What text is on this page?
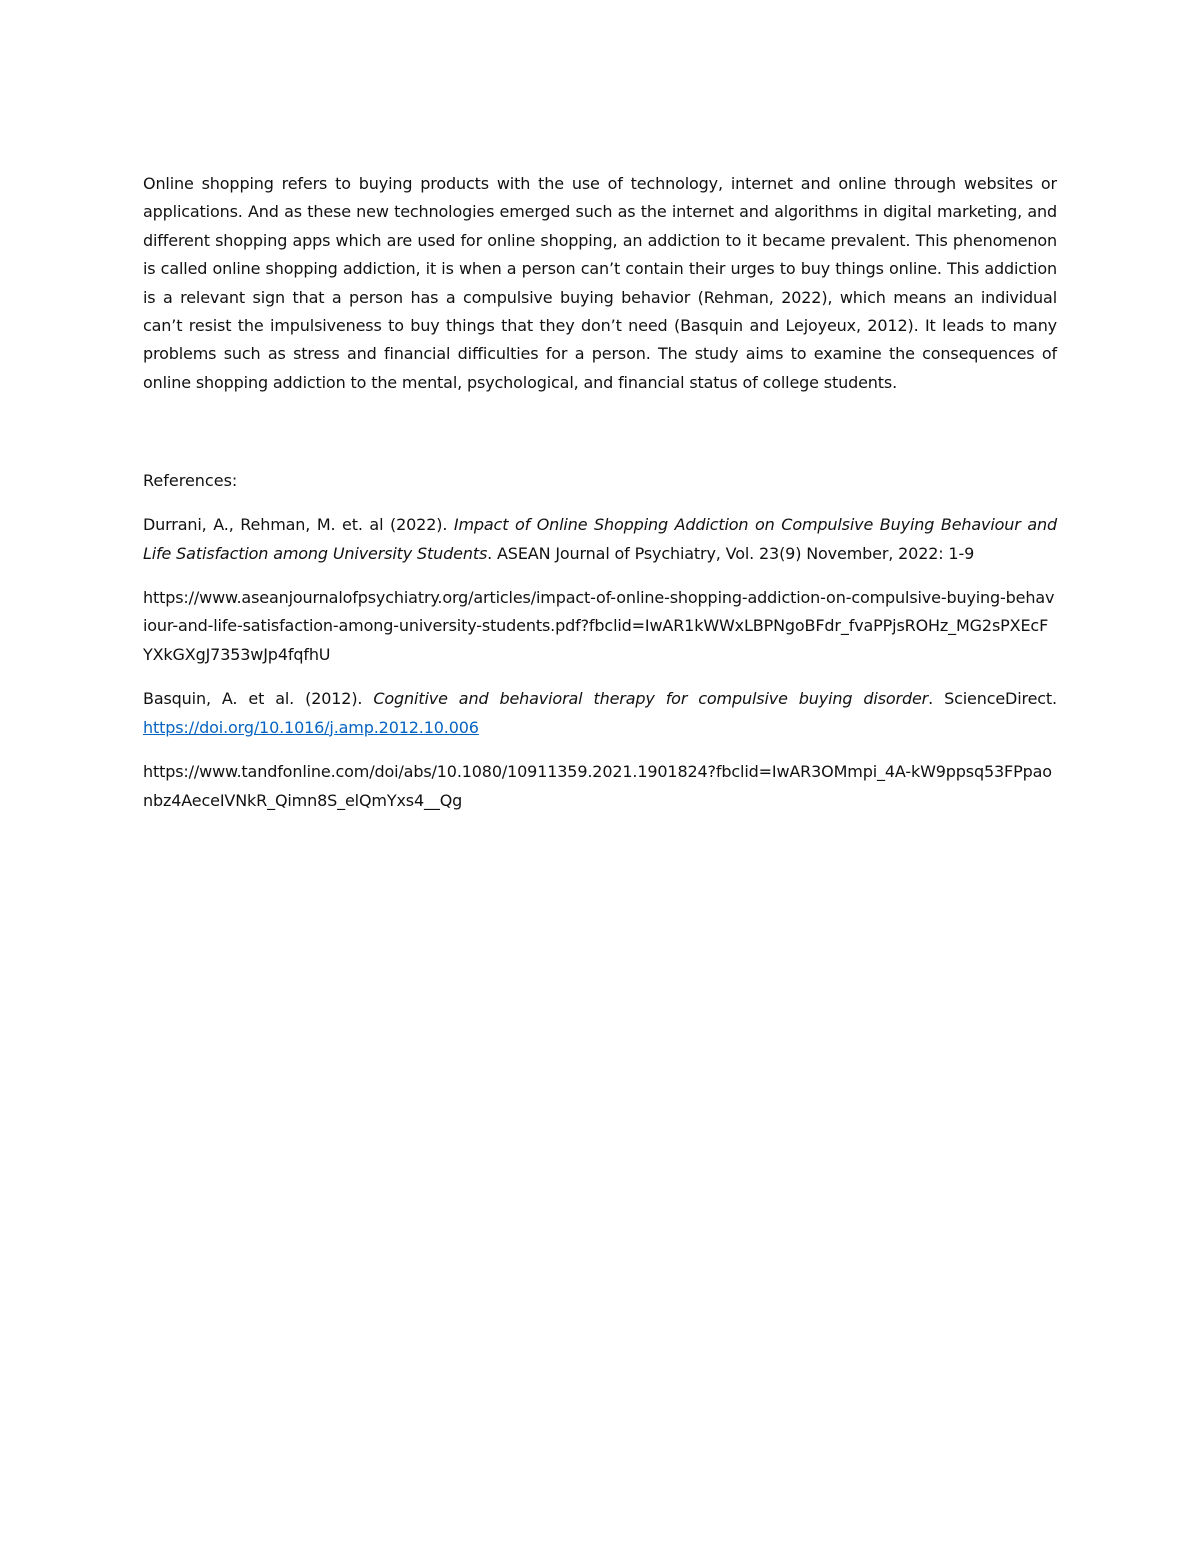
Online shopping refers to buying products with the use of technology, internet and online through websites or applications. And as these new technologies emerged such as the internet and algorithms in digital marketing, and different shopping apps which are used for online shopping, an addiction to it became prevalent. This phenomenon is called online shopping addiction, it is when a person can’t contain their urges to buy things online. This addiction is a relevant sign that a person has a compulsive buying behavior (Rehman, 2022), which means an individual can’t resist the impulsiveness to buy things that they don’t need (Basquin and Lejoyeux, 2012). It leads to many problems such as stress and financial difficulties for a person. The study aims to examine the consequences of online shopping addiction to the mental, psychological, and financial status of college students.

References:

Durrani, A., Rehman, M. et. al (2022). Impact of Online Shopping Addiction on Compulsive Buying Behaviour and Life Satisfaction among University Students. ASEAN Journal of Psychiatry, Vol. 23(9) November, 2022: 1-9

https://www.aseanjournalofpsychiatry.org/articles/impact-of-online-shopping-addiction-on-compulsive-buying-behaviour-and-life-satisfaction-among-university-students.pdf?fbclid=IwAR1kWWxLBPNgoBFdr_fvaPPjsROHz_MG2sPXEcFYXkGXgJ7353wJp4fqfhU

Basquin, A. et al. (2012). Cognitive and behavioral therapy for compulsive buying disorder. ScienceDirect. https://doi.org/10.1016/j.amp.2012.10.006

https://www.tandfonline.com/doi/abs/10.1080/10911359.2021.1901824?fbclid=IwAR3OMmpi_4A-kW9ppsq53FPpaonbz4AeceIVNkR_Qimn8S_elQmYxs4__Qg
